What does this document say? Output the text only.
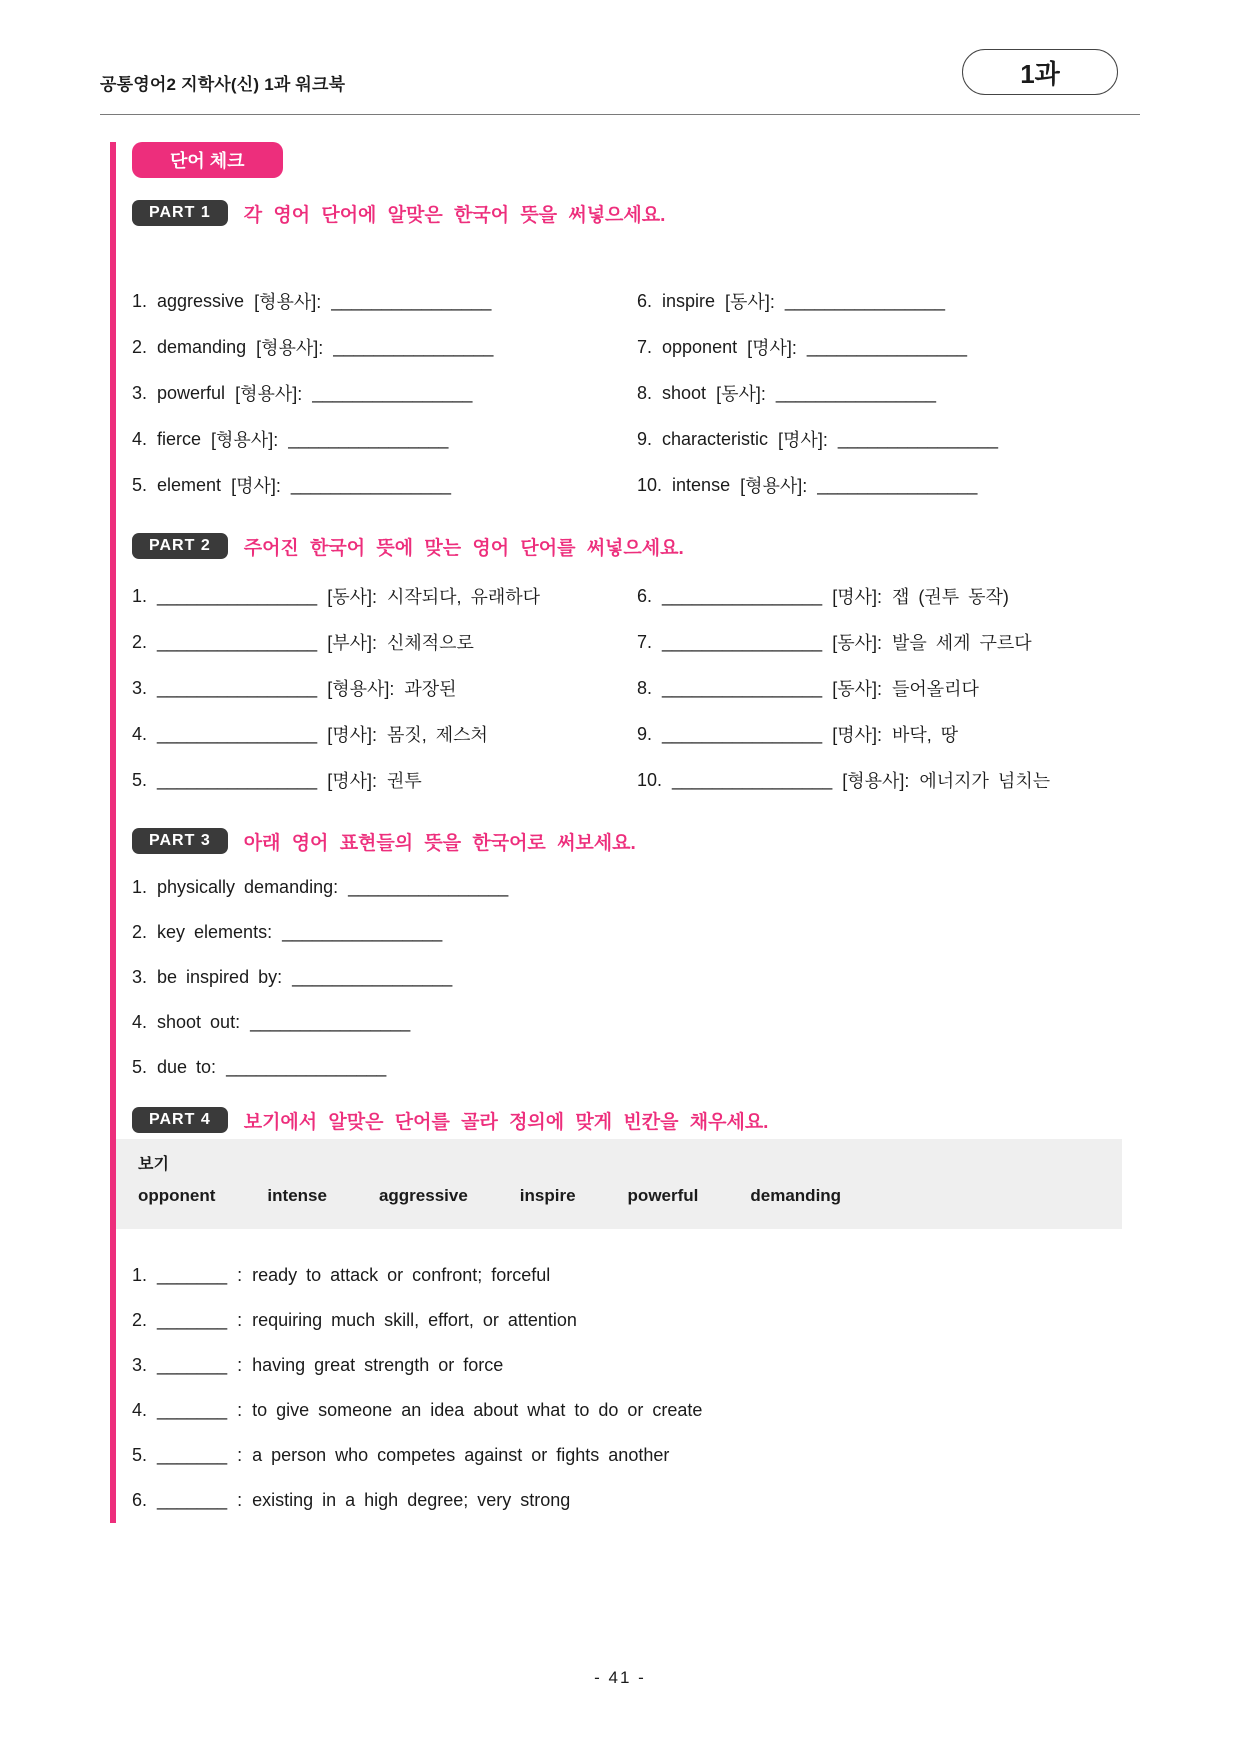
공통영어2 지학사(신) 1과 워크북	1과
단어 체크
PART 1	각 영어 단어에 알맞은 한국어 뜻을 써넣으세요.
1. aggressive [형용사]: ________________
2. demanding [형용사]: ________________
3. powerful [형용사]: ________________
4. fierce [형용사]: ________________
5. element [명사]: ________________
6. inspire [동사]: ________________
7. opponent [명사]: ________________
8. shoot [동사]: ________________
9. characteristic [명사]: ________________
10. intense [형용사]: ________________
PART 2	주어진 한국어 뜻에 맞는 영어 단어를 써넣으세요.
1. ________________ [동사]: 시작되다, 유래하다
2. ________________ [부사]: 신체적으로
3. ________________ [형용사]: 과장된
4. ________________ [명사]: 몸짓, 제스처
5. ________________ [명사]: 권투
6. ________________ [명사]: 잽 (권투 동작)
7. ________________ [동사]: 발을 세게 구르다
8. ________________ [동사]: 들어올리다
9. ________________ [명사]: 바닥, 땅
10. ________________ [형용사]: 에너지가 넘치는
PART 3	아래 영어 표현들의 뜻을 한국어로 써보세요.
1. physically demanding: ________________
2. key elements: ________________
3. be inspired by: ________________
4. shoot out: ________________
5. due to: ________________
PART 4	보기에서 알맞은 단어를 골라 정의에 맞게 빈칸을 채우세요.
보기
opponent	intense	aggressive	inspire	powerful	demanding
1. _______ : ready to attack or confront; forceful
2. _______ : requiring much skill, effort, or attention
3. _______ : having great strength or force
4. _______ : to give someone an idea about what to do or create
5. _______ : a person who competes against or fights another
6. _______ : existing in a high degree; very strong
- 41 -
